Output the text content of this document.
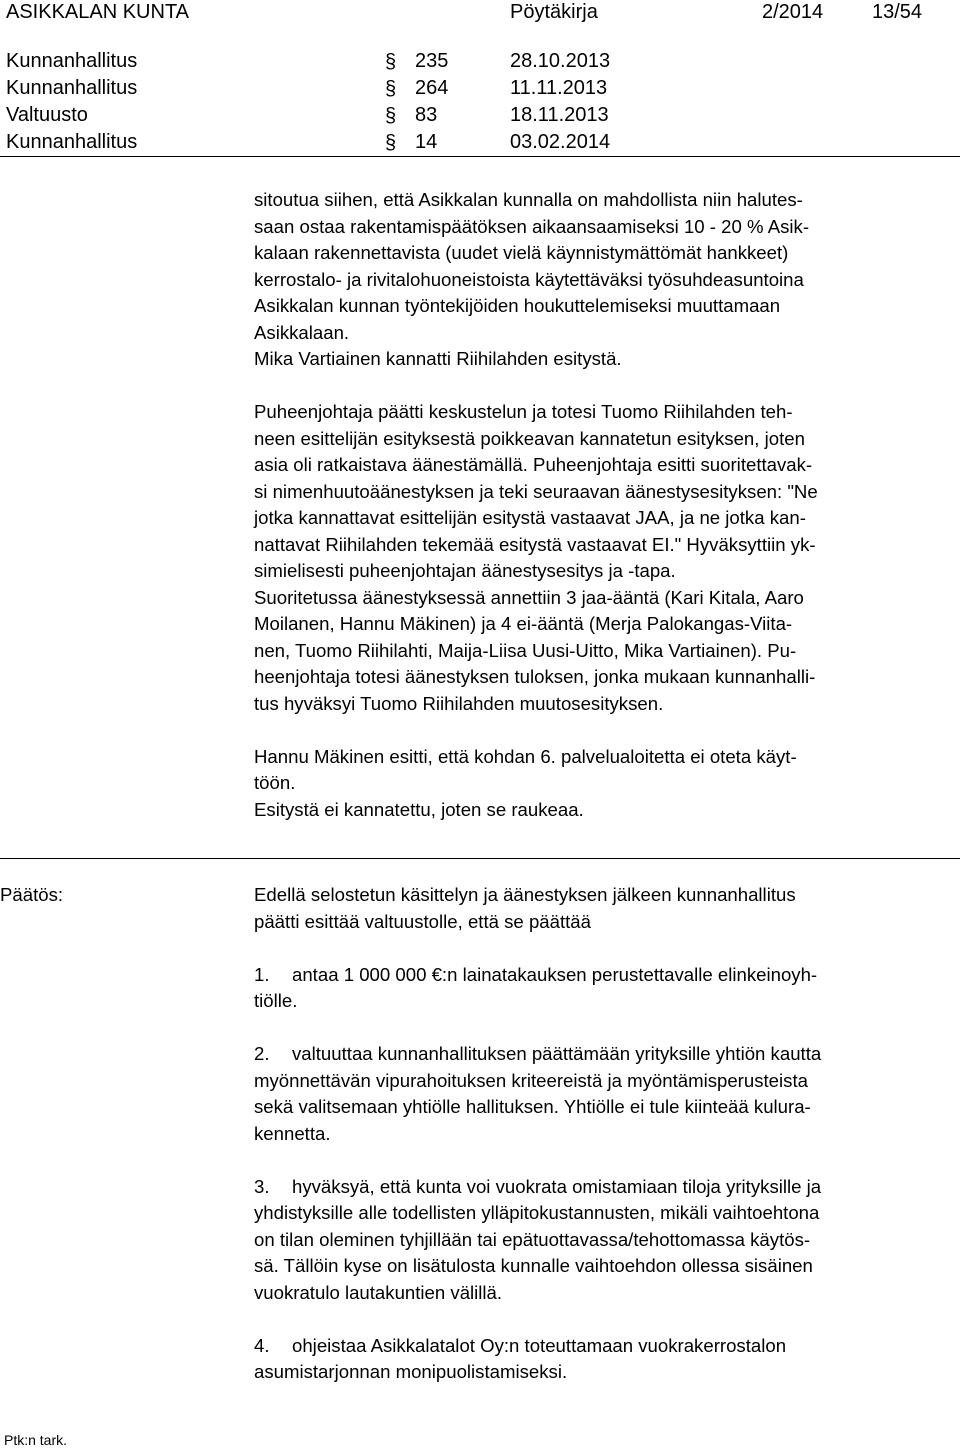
ASIKKALAN KUNTA	Pöytäkirja	2/2014 13/54
Kunnanhallitus	§ 235	28.10.2013
Kunnanhallitus	§ 264	11.11.2013
Valtuusto	§ 83	18.11.2013
Kunnanhallitus	§ 14	03.02.2014

sitoutua siihen, että Asikkalan kunnalla on mahdollista niin halutes-
saan ostaa rakentamispäätöksen aikaansaamiseksi 10 - 20 % Asik-
kalaan rakennettavista (uudet vielä käynnistymättömät hankkeet)
kerrostalo- ja rivitalohuoneistoista käytettäväksi työsuhdeasuntoina
Asikkalan kunnan työntekijöiden houkuttelemiseksi muuttamaan
Asikkalaan.

Mika Vartiainen kannatti Riihilahden esitystä.

Puheenjohtaja päätti keskustelun ja totesi Tuomo Riihilahden teh-
neen esittelijän esityksestä poikkeavan kannatetun esityksen, joten
asia oli ratkaistava äänestämällä. Puheenjohtaja esitti suoritettavak-
si nimenhuutoäänestyksen ja teki seuraavan äänestysesityksen: "Ne
jotka kannattavat esittelijän esitystä vastaavat JAA, ja ne jotka kan-
nattavat Riihilahden tekemää esitystä vastaavat EI." Hyväksyttiin yk-
simielisesti puheenjohtajan äänestysesitys ja -tapa.

Suoritetussa äänestyksessä annettiin 3 jaa-ääntä (Kari Kitala, Aaro
Moilanen, Hannu Mäkinen) ja 4 ei-ääntä (Merja Palokangas-Viita-
nen, Tuomo Riihilahti, Maija-Liisa Uusi-Uitto, Mika Vartiainen). Pu-
heenjohtaja totesi äänestyksen tuloksen, jonka mukaan kunnanhalli-
tus hyväksyi Tuomo Riihilahden muutosesityksen.

Hannu Mäkinen esitti, että kohdan 6. palvelualoitetta ei oteta käyt-
töön.

Esitystä ei kannatettu, joten se raukeaa.

Päätös:	Edellä selostetun käsittelyn ja äänestyksen jälkeen kunnanhallitus
päätti esittää valtuustolle, että se päättää

1. antaa 1 000 000 €:n lainatakauksen perustettavalle elinkeinoyh-
tiölle.

2. valtuuttaa kunnanhallituksen päättämään yrityksille yhtiön kautta
myönnettävän vipurahoituksen kriteereistä ja myöntämisperusteista
sekä valitsemaan yhtiölle hallituksen. Yhtiölle ei tule kiinteää kulura-
kennetta.

3. hyväksyä, että kunta voi vuokrata omistamiaan tiloja yrityksille ja
yhdistyksille alle todellisten ylläpitokustannusten, mikäli vaihtoehtona
on tilan oleminen tyhjillään tai epätuottavassa/tehottomassa käytös-
sä. Tällöin kyse on lisätulosta kunnalle vaihtoehdon ollessa sisäinen
vuokratulo lautakuntien välillä.

4. ohjeistaa Asikkalatalot Oy:n toteuttamaan vuokrakerrostalon
asumistarjonnan monipuolistamiseksi.

Ptk:n tark.
